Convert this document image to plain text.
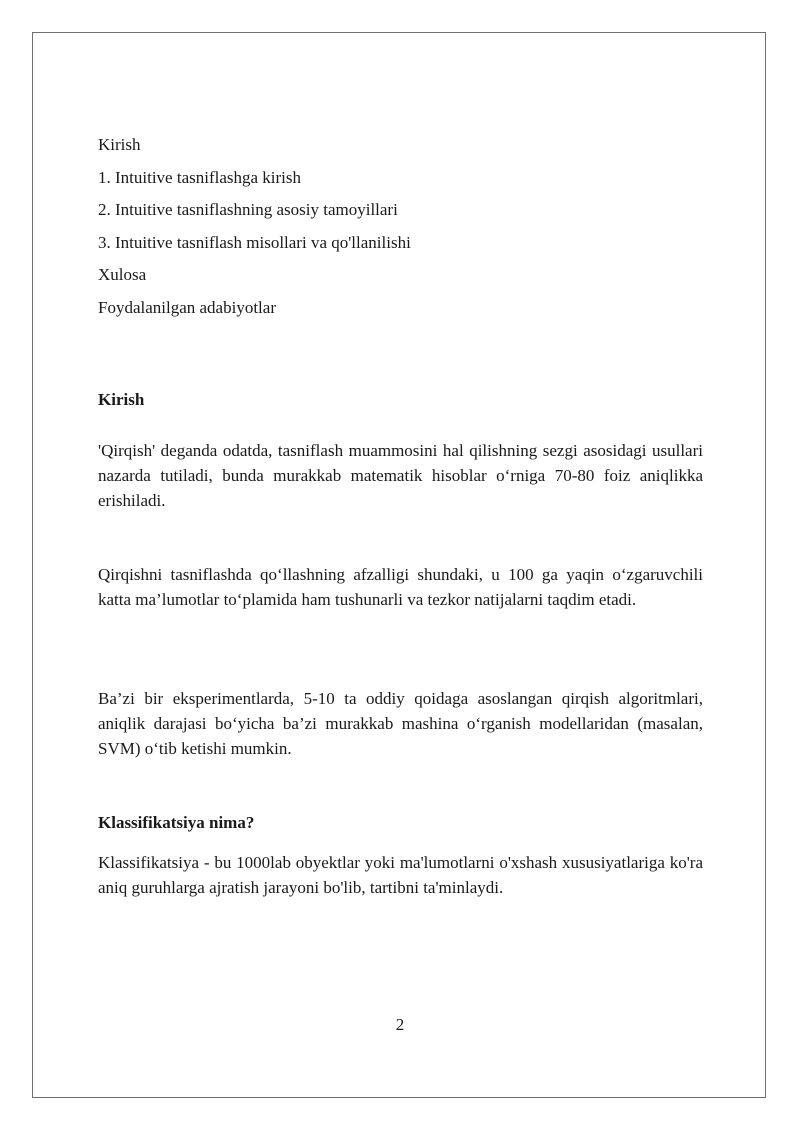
Kirish
1. Intuitive tasniflashga kirish
2. Intuitive tasniflashning asosiy tamoyillari
3. Intuitive tasniflash misollari va qo'llanilishi
Xulosa
Foydalanilgan adabiyotlar
Kirish
'Qirqish' deganda odatda, tasniflash muammosini hal qilishning sezgi asosidagi usullari nazarda tutiladi, bunda murakkab matematik hisoblar o‘rniga 70-80 foiz aniqlikka erishiladi.
Qirqishni tasniflashda qo‘llashning afzalligi shundaki, u 100 ga yaqin o‘zgaruvchili katta ma’lumotlar to‘plamida ham tushunarli va tezkor natijalarni taqdim etadi.
Ba’zi bir eksperimentlarda, 5-10 ta oddiy qoidaga asoslangan qirqish algoritmlari, aniqlik darajasi bo‘yicha ba’zi murakkab mashina o‘rganish modellaridan (masalan, SVM) o‘tib ketishi mumkin.
Klassifikatsiya nima?
Klassifikatsiya - bu 1000lab obyektlar yoki ma'lumotlarni o'xshash xususiyatlariga ko'ra aniq guruhlarga ajratish jarayoni bo'lib, tartibni ta'minlaydi.
2
